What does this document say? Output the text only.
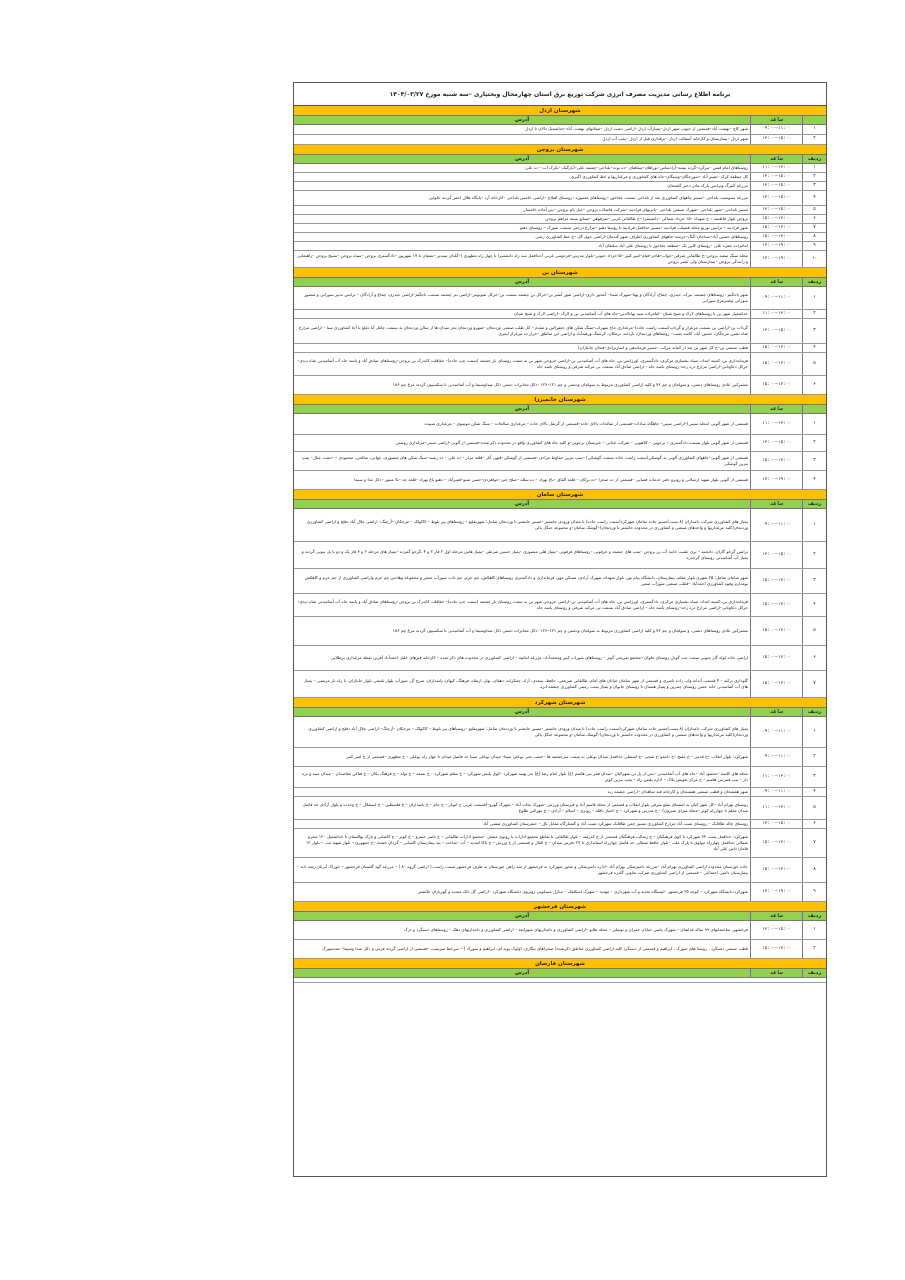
برنامه اطلاع رسانی مدیریت مصرف انرژی شرکت توزیع برق استان چهارمحال وبختیاری –سه شنبه مورخ ۱۴۰۴/۰۳/۲۷
شهرستان اردل
ساعت
آدرس
۱
۰۹:۰۰–۱۱:۰۰
شهر کاج –بهشت آباد–قسمتی از جنوب شهر اردل–پمپاژآب اردل–اراضی دشت اردل –شیلاتهای بهشت آباد–خداشمیل دالان تا اردل
۲
۱۳:۰۰–۱۵:۰۰
شهر اردل –بیمارستان و کارخانه آسفالت اردل –برقداری فیل از اردل –پمپ آب اردل
شهرستان بروجن
ردیف
ساعت
آدرس
۱
۱۱:۰۰–۱۳:۰۰
روستاهای امام قیس –بیرگرد–گرده بیشه–آرادشاس–نوراهان–سیاهتان –ده نوت–بلداجی–چشمه علی–آبارگیک –تکرک آب – ده علی
۲
۱۳:۰۰–۱۵:۰۰
کل منطقه کرک –نصیر آباد –سورچگان–وستگان–جاه های کشاورزی و مرغداریها و خط کشاورزی اگیری
۳
۱۳:۰۰–۱۵:۰۰
مزرعه گمرگ وترانس پارک مادر دختر گشتجان
۴
۱۳:۰۰–۱۵:۰۰
مزرعه بسوسیت بلداجی –مسیر چاههای کشاورزی بعد از بلداجی بسمت چغاخور –روستاهای معموره –روستای افیلاج –اراضی خامس بلداجی –کارخانه آرد –پایگاه هلال احمر گردنه حلوایی
۵
۱۳:۰۰–۱۵:۰۰
مسیر بلداجی –شهر بلداجی –شهرک صنعتی بلداجی –پاترنهای فرادنبه –شرکت فاضلاب بروجن –خیل بام بروجن –بنن آماده خامسار
۶
۱۵:۰۰–۱۷:۰۰
بروجن بلوار فاطمیه – خ شهداء –۱۵ خرداد شمالی –دانشسرا –خ طالقانی غربی –شرقوهن –صنایع بسته مزاهم بروجن
۷
۱۵:۰۰–۱۷:۰۰
شهر فرادنبه – ترانس توزیع محله فضیلت فرادنبه –مسیر حداقمل فرادنبه تا روستا دهنو –مزارع درختی بسمت سورک – روستای دهنو
۸
۱۵:۰۰–۱۷:۰۰
روستاهای حسین آباد–سناجان–گنگ–جرمنه–جاههای کشاورزی اطراف شهر گندمان–اراضی جوی گل –خ خط کشاورزی رضی
۹
۱۷:۰۰–۱۹:۰۰
امامزاده حمزه علی –روستای کلین بک –منطقه چغاخور تا روستای علی آباد سلطان آباد
۱۰
۱۷:۰۰–۱۹:۰۰
محله سنگ سفید بروجن–خ طالقانی شرقی–جواب–هاجر–قیام–امیر کبیر –۱۵خرداد جنوبی–بلوار مدرس–فردوسی غربی (حداقمل سه راه دانشسرا تا چهار راه مطهری )–گلدان سیدیر –شعبان تا ۱۷ شهریور –دادگستری بروجن –سپاه بروجن –بسیج بروجن –راهنمایی و رانندگی بروجن –بیمارستان ولی عصر بروجن
شهرستان بن
ردیف
ساعت
آدرس
۱
۰۹:۰۰–۱۱:۰۰
شهر باجگیم –روستاهای چشمه، نیرک، حیدری، چماغ، آزادگان و پهنا–شهرک شیدا– آمحوز داری–اراضی شور آتمبر بن–خرکل بن چشمه بسمت بن–خرکل شوتونیر–اراضی بنز چشمه بسمت باجگیم–اراضی حیدری، چماغ و آزادگان – ترانس تدبیر سورانی و منصور سورانی وشترمرغ سورانی
۲
۱۱:۰۰–۱۳:۰۰
خداشمیل شهر بن تا روستاهای لارک و شیخ شبان –امامزاده سید بهاءالدین–جاه های آب آشامیدنی بن و لارک –اراضی لارک و شیخ شبان
۳
۱۳:۰۰–۱۵:۰۰
گرداب بن–اراضی بن بسمت مرغزار و گرداب(سمت راست جاده)–مرغداری حاج سهراب–سنگ شکن های جعفرالین و مقدم – کل طلب صنعتی وردنجان –شهرو وردنجان بجز میدان ها از سالن وردنجان به بسمت چاغل آبا دغلغ تا آجا کشاورزی سنا – اراضی مزارع شاه نشین مرچگان، حسین آباد، کاسه پشت– روستاهای وردنجان، یاردانه، ترمکان، کرسنگ ورهیدآباد و اراضی این مناطق –خرار ده مرغزار ایمری
۴
۱۵:۰۰–۱۷:۰۰
قطب صنعتی بن–خ کل شهر بن بعد از کمانه مرکب –مسیر فرماندهی و اسارترادی–قبذان جانبازان)
۵
۱۵:۰۰–۱۷:۰۰
فرماندداری بن، کمیته امداد، سپاه بشتیاری مرکزی، دادگستری، اورژانس بن، جاه های آب آشامیدنی بن–اراضی خروجی شهر بن به سمت روستای بار چشمه (سمت چپ جاده)– حقاقلت کابدرک بن بروجن–روستاهای صادق آباد و پاسه جاه آب آشامیدنی شاه دیدی–خرکل دعاونانی–اراضی مزارع دره رخه–روستای یاسه جاه – اراضی صادق آباد بسمت بی مرکبه شرقی و روستای یاسه جاه
۶
۱۵:۰۰–۱۷:۰۰
مشترکین عادی روستاهای دشتی، و سولجان و چم ۷۶ و کلیه اراضی کشاورزی مربوط به سولجان ودشتی و چم ۱۲۱–۱۲۶ –دکل مخابرات دشتی دکل صداوسیما و آب آشامیدنی تا سکسیون گردنه مرغ چم ۱۸۶
شهرستان خانمیرزا
ساعت
آدرس
۱
۱۱:۰۰–۱۳:۰۰
قسمتی از شهر آلونی (محله سینی)–اراضی سینی– جاهگاه سادات–قسمتی از صالحات بالای جاده–قسمتی از گزنقل بالای جاده – مرغداری صالحات – سنگ شکن موسوی – مرغداری سپیده
۲
۱۳:۰۰–۱۵:۰۰
قسمتی از شهر آلونی بلوار بسمت دادگستری – برجویی – کلاهویی – شرکت غذایی – خبرستان برجویی–و کلیه جاه های کشاورزی واقع در محدوده ذکر شده–قسمتی از آلونی–اراضی سینی–مرغداری روشنی
۳
۱۵:۰۰–۱۷:۰۰
قسمتی از شهر آلونی–چاههای کشاورزی آلونی به گوشکی(سمت راست جاده بسمت گوشکی) –پمپ بنزین حقاوط مرادی –قسمتی از گوشکی–قبهی آتار –قلعه مزار – ده علی – ده رشید–سنگ شکن های منصوری، چهانی، صالحی، محمودی – –دشت چنال– پمپ بنزین گوشکی
۴
۱۷:۰۰–۱۹:۰۰
قسمتی از آلونی بلوار شهید ارسلانی و روبرو دفتر خدمات قضایی –قسمتی از ده صحرا –ده برکان – قلعه القاق –باغ بهزاد – ده سلله –صلح چنن–جواهردی–حسن منتو–قمبرآباد – دهنو باغ بهزاد –قلعه چه –بلا منتور –دکل مذا و سیما
شهرستان سامان
ردیف
ساعت
آدرس
۱
۰۹:۰۰–۱۱:۰۰
پمپاژ های کشاورزی شرکت دامداران (۸ پست)مسیر جاده سامان شهرکرد(سمت راست جاده) تا میدان ورودی جانشتر –مسیر جانشتر تا وردنجان شامل: شهرتقلبع – روستاهای پیر بلوط – کاکولک – مرجکان –آرچنگ– اراضی چلال آباد دفلج و اراضی کشاورزی وردنجان(کلیه مرغداریها و واحدهای صنعتی و کشاورزی در محدوده جانشتر تا وردنجان)–گوشک سامان–و مجموعه جنگل پالی
۲
۱۳:۰۰–۱۵:۰۰
ترانس گرجو گاران، دانجنیه – بری عقبت جانبه آب بن بروجن –پمپ های چشمه و خرقونی –روستاهای فرقونی –پمپاژ هلی منصوری –پمپاژ حسین شرطی –پمپاژ هاس مرحله اول ۲ فاز ۲ و ۴ ،گرجو گمرده –پمپاژ های مرحله ۲ و ۳ فاز یک و دو تا پل بتونی گردنه و پمپاژ آب آشامیدنی روستای گرجدره
۳
۱۵:۰۰–۱۷:۰۰
شهر سامان شامل: ۲۵ شهری بلوار معلم، بیمارستان، دانشگاه پیام نور، بلوار شهداء، شهرک آزادی، مسکن مهر، فرمانداری و دادگستری روستاهای کاهکش، چم خرم، چم تاب، شورآب صغیر و مجموعه وهادس چم خرم واراضی کشاورزی از چم خرم و کاهکش نومدارم وقوه کشاورزی احمدآباد –قطب صنعتی شورآب صغیر
۴
۱۵:۰۰–۱۷:۰۰
فرماندداری بن، کمیته امداد، سپاه بشتیاری مرکزی، دادگستری، اورژانس بن، جاه های آب آشامیدنی بن–اراضی خروجی شهر بن به سمت روستای بار چشمه (سمت چپ جاده)– حقاقلت کابدرک بن بروجن–روستاهای صادق آباد و پاسه جاه آب آشامیدنی شاه دیدی–خرکل دعاونانی–اراضی مزارع دره رخه–روستای یاسه جاه – اراضی صادق آباد بسمت بی مرکبه شرقی و روستای یاسه جاه
۵
۱۵:۰۰–۱۷:۰۰
مشترکین عادی روستاهای دشتی، و سولجان و چم ۷۶ و کلیه اراضی کشاورزی مربوط به سولجان ودشتی و چم ۱۲۱–۱۲۶ –دکل مخابرات دشتی دکل صداوسیما و آب آشامیدنی تا سکسیون گردنه مرغ چم ۱۸۶
۶
۱۵:۰۰–۱۷:۰۰
اراضی جاده لوله گاز جنوبی سمت چپ گودل روستای جلوان –مجتمع تفریحی گوتر – روستاهای شوراب کبیر ومحمدآباد، مزرعه امامیه – اراضی کشاورزی در محدوده های ذکر شده – کارخانه قیرهای خلیل احمدآباد آفرین نقطه مرغداری پرطلایی
۷
۱۵:۰۰–۱۷:۰۰
گلوداری ترکیه – ۴ قسمت آبدانه واب زاده ناصری و قسمتی از شهر سامان خیابان های امام، طالقانی شریعتی، حافظ، سعدی، آزاد، چمکرانه، دهقان، بهار، ارشاد، فرهنگ، کیهان، پاسداران، سرچ آل، شورآب بلوار بلتیمر، بلوار جانبازان، تا راه بار مرتضی – پمپاژ های آب آشامیدنی خانه حسن روستای چمزین و پمپاژ هستان تا روستای جانوان و پمپاژ پست زمینی کشاورزی چشمه ابره
شهرستان شهرکرد
ردیف
ساعت
آدرس
۱
۰۹:۰۰–۱۱:۰۰
پمپاژ های کشاورزی شرکت دامداران (۸ پست)مسیر جاده سامان شهرکرد(سمت راست جاده) تا میدان ورودی جانشتر –مسیر جانشتر تا وردنجان شامل: شهرتقلبع –روستاهای پیر بلوط – کاکولک – مرجکان –آرچنگ– اراضی چلال آباد دفلج و اراضی کشاورزی وردنجان(کلیه مرغداریها و واحدهای صنعتی و کشاورزی در محدوده جانشتر تا وردنجان)–گوشک سامان–و مجموعه جنگل پالی
۲
۰۹:۰۰–۱۱:۰۰
شهرکرد: بلوار انقلاب –خ قدس – خ مفتح –خ دامغو–خ شجی –خ استقلی حداقمل میدان بوعلی به سمت سرچشمه ها –حتمت متی بوعلی سینا– میدان بوعلی سینا حد فاصل میدان تا چهار راه بوعلی – خ مطهری –قسمتی از خ امیر کبیر
۳
۱۱:۰۰–۱۳:۰۰
محله های کلسه –محمود آباد –جاه های آب آشامیدنی –بس از پل بی شهرکیان –میدان قمر بنی هاشم (ع) بلوار امام رضا (ع) بدر پهنیه شهرکرد –کوی پلیس شهرکرد – خ معلم شهرکرد – خ بسمه – خ تولد – خ فرهنگ یکان – خ فتاکن معاصدان – میدان منبه و تره دار – تیپ قمربنی هاشم – خ مرکز تعویض پلاک – اداره پلیس راه – پمپ بنزین کوثر
۴
۰۹:۰۰–۱۱:۰۰
شهر هفشجان و قطب صنعتی هفشجان و کارخانه فند شاهدان –اراضی چشمه زنه
۵
۱۱:۰۰–۱۳:۰۰
روستای بهرام آباد –کل شهر کیان به استثنای ضلع شرقی بلوار انقلاب و قسمتی از محله قاسم آباد و قبرستان ورزش –شهرک نجات آباد – شهرک گهرو–(قسمت غربی خ اتوبار – خ جام – خ پاسداران – خ فلسطین – خ استقلال – خ وحدت و بلوار آزادی حد فاصل میدان معلم تا چهارراه کوثر –محله سرای شیرون) – خ مدرس و شهرکرد – خ اختیار تاقله – روبری – اسلام – آزادی – خ مهرکنن طلوع
۶
۱۳:۰۰–۱۵:۰۰
روستای چاله طاقانک – روستای شیب آباد مزارع کشاورزی مسیر چمن طاقانک شهرکرد شیب آباد و گشتارگاه مقابل بال – خشرستان کشاورزی ششی آباد
۷
۱۵:۰۰–۱۷:۰۰
شهرکرد: حداقمل پست ۶۳ شهرکرد تا کوی فرهنگیان – خ رسالت فرهنگیان قسمتی از خ کذرمنه – بلوار طالقانی تا تقاطع مجتمع ادارات با رونوی مصلی –مجتمع ادارات طالقانی – خ ناصر خسرو – خ کوثر – خ کاشانی و پارک نهالستان تا خداشمیل ۱۲۰ محرم شمالی حداقمل چهارراه مولوی تا پارک ملت –بلوار حافظ شمالی حد فاصل چهارراه استانداری تا ۲۲ دقرش میدان – خ اقبال و قسمتی از خ ورزش – خ تاکا ابعدید – آب –ساحت – ببه بیمارستان کاشانی – گردان جشنه –خ جمهوری – بلوار شهید ثبت – بلوار ۱۲ قامان داش علی آباد
۸
۱۵:۰۰–۱۷:۰۰
جاده خوزستان محدوده اراضی کشاورزی بهرام آباد –مزرعه دامپزشکی بهرام آباد –اداره دامپزشکی و محور شهرکرد به فرخشهر از سه راهی خوزستان به طرف فرخشهر سمت راست ( اراضی گروه ۸۰ ) – مزرعه گود گلستان فرخشهر – خوراک آبزیان رشد دانه – بیمارستان دامپی اجتماعی – قسمتی از اراضی کشاورزی شرکت تعاونی گلدره فرخشهر
۹
۱۷:۰۰–۱۹:۰۰
شهرکرد:دانشگاه شهرکرد – کوچه ۲۵ فرخشهر –ایستگاه تغذیه و آب شهرداری – مهدیه – شهرک اسکلفک – منازل مسکونی روبروی دانشگاه شهرکرد –اراضی گل دلک معدیه و گهربازان چالشتر
شهرستان فرخشهر
ردیف
ساعت
آدرس
۱
۱۳:۰۰–۱۵:۰۰
فرخشهر، ساختمانهای ۹۹ ساله فداشان – شهرک پامنی خیابان جمران و توسلی – محله طابو –اراضی کشاورزی و دامداریهای شهرابعه – اراضی کشاورزی و دامداریهای دهک – روستاهای دسنگرد و دزک
۲
۱۵:۰۰–۱۷:۰۰
قطب صنعتی دسنگرد ، روستا های سورک ، ابراهیم و قسمتی از دسنگرد کلیه اراضی کشاورزی مناطق ذکرشده( صحراهای ینگاری، اولوک پونه ای، ابراهیم و سورک ) – سرخط سرسبت –قسمتی از اراضی گردنه فرس و دکل صدا وسیما– معدسورک
شهرستان فارسان
ردیف
ساعت
آدرس
